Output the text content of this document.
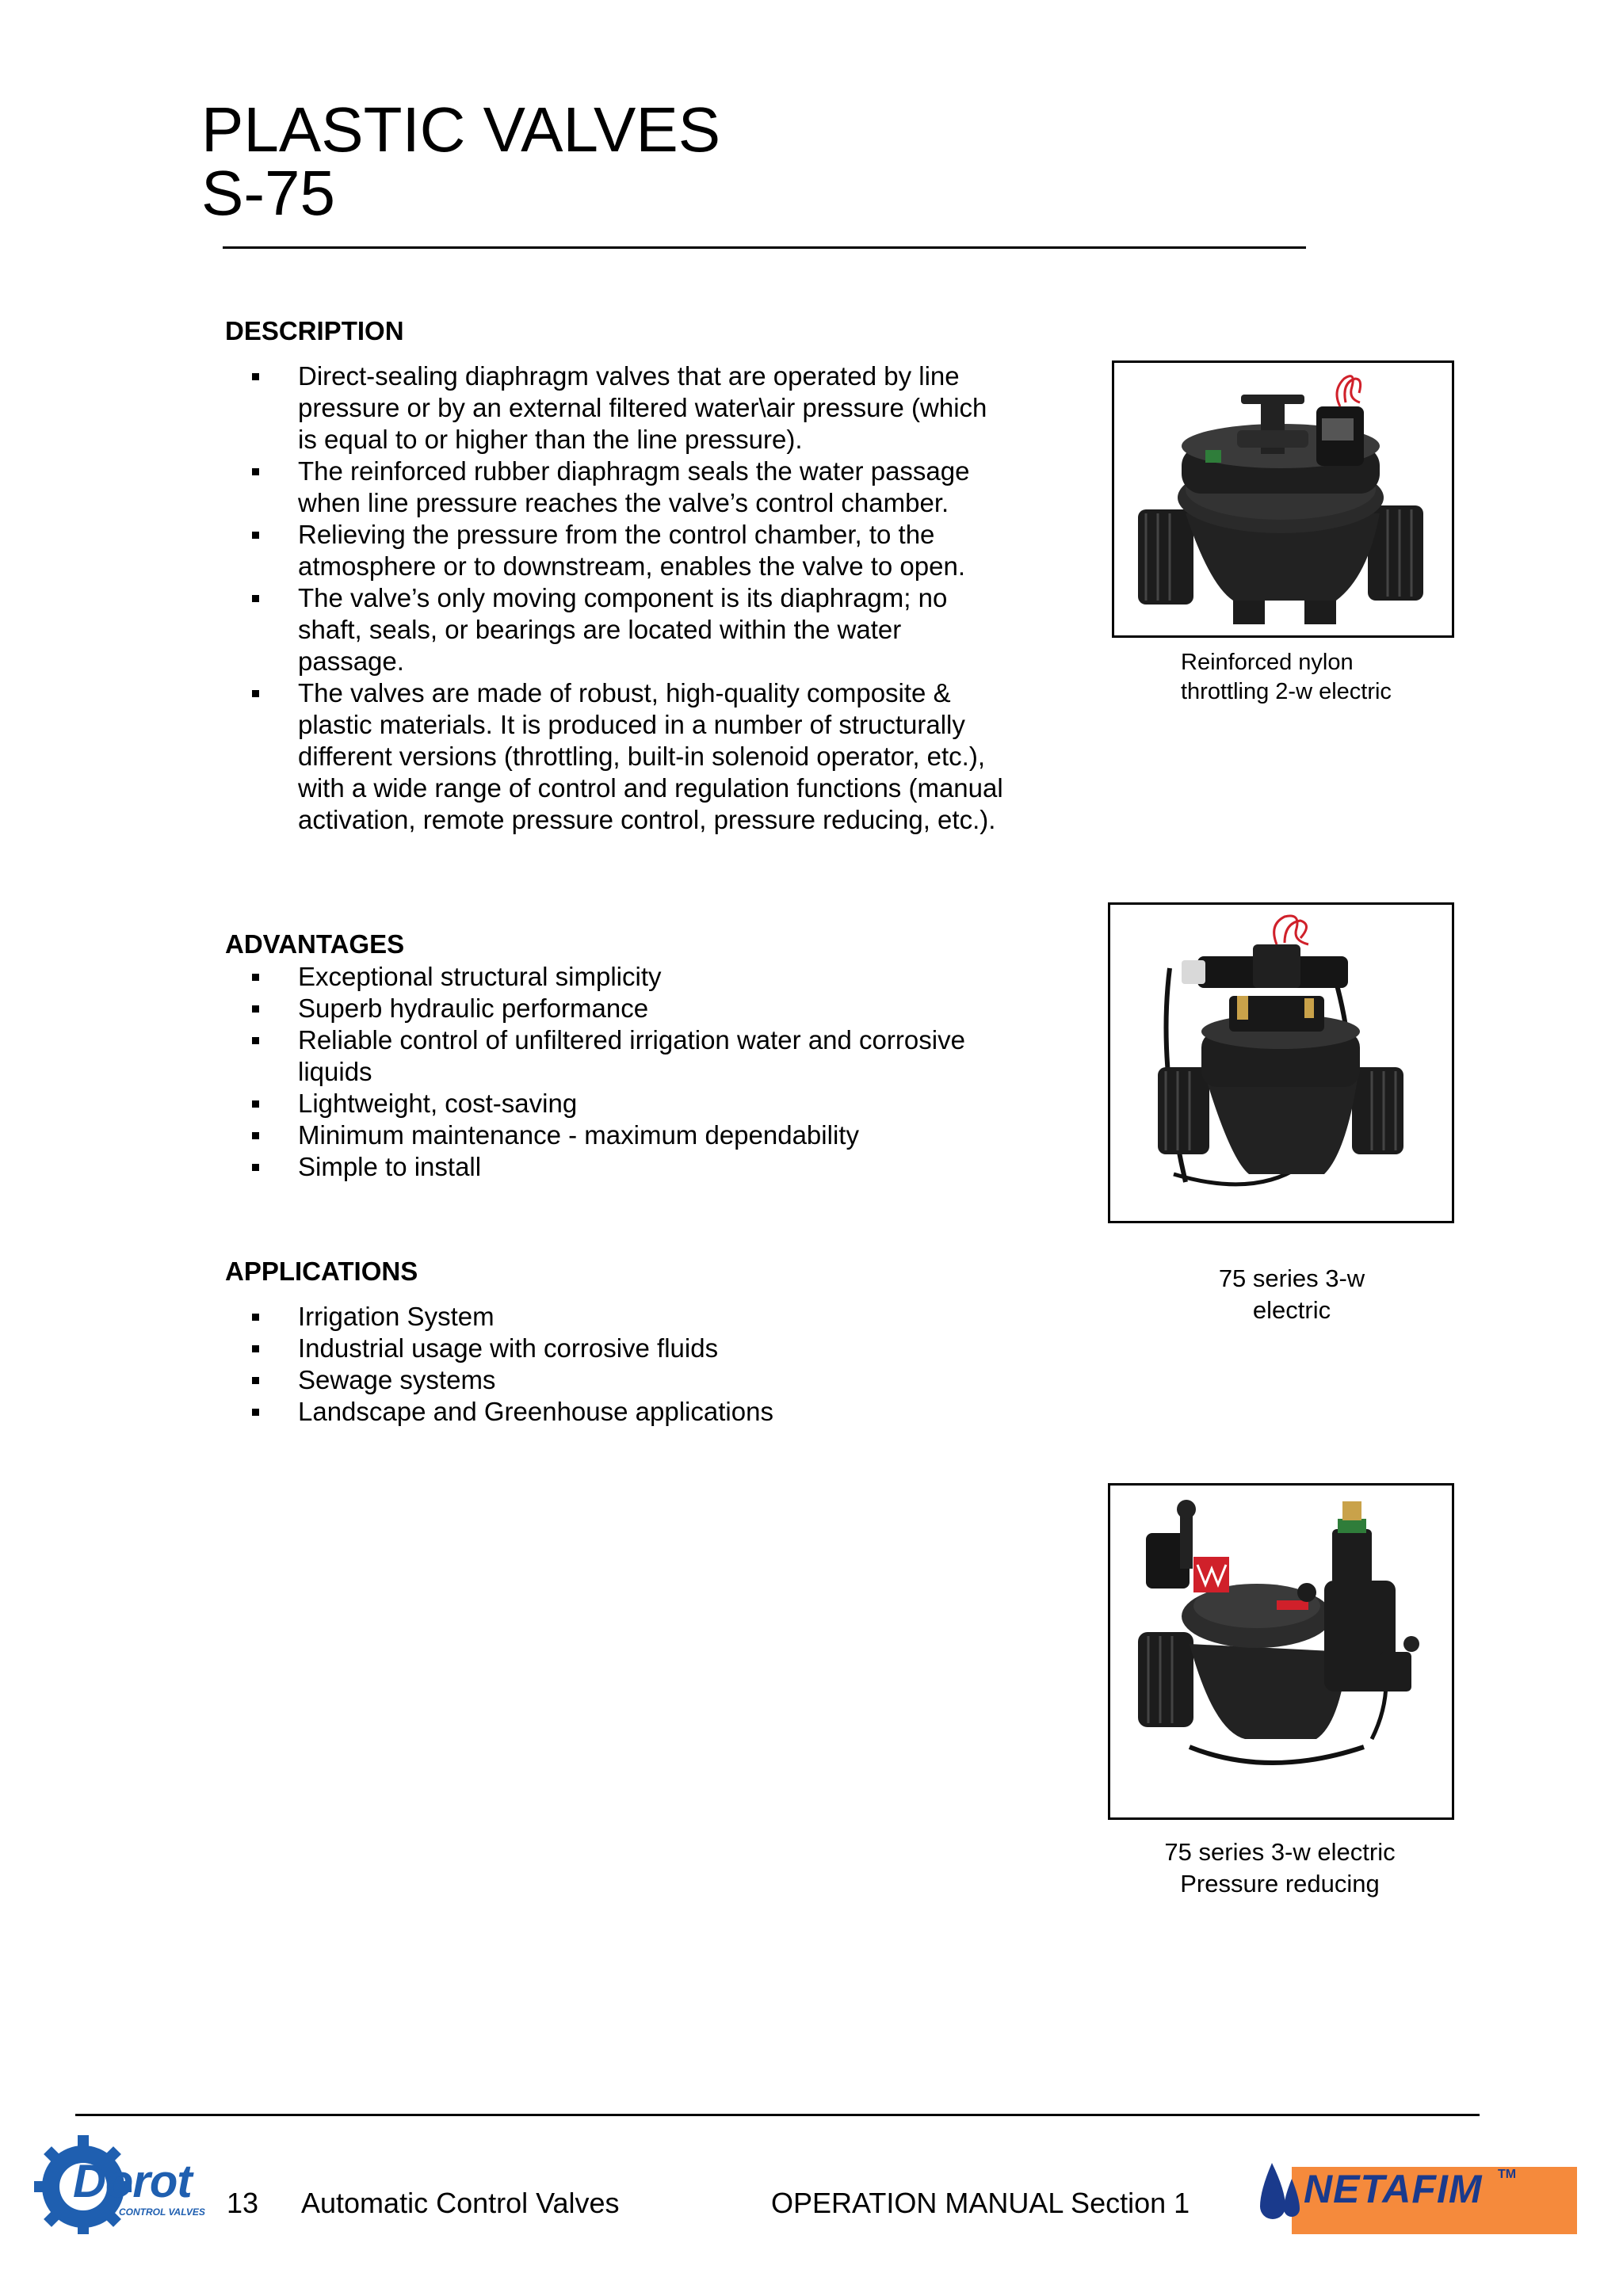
PLASTIC VALVES
S-75
DESCRIPTION
Direct-sealing diaphragm valves that are operated by line pressure or by an external filtered water\air pressure (which is equal to or higher than the line pressure).
The reinforced rubber diaphragm seals the water passage when line pressure reaches the valve’s control chamber.
Relieving the pressure from the control chamber, to the atmosphere or to downstream, enables the valve to open.
The valve’s only moving component is its diaphragm; no shaft, seals, or bearings are located within the water passage.
The valves are made of robust, high-quality composite & plastic materials. It is produced in a number of structurally different versions (throttling, built-in solenoid operator, etc.), with a wide range of control and regulation functions (manual activation, remote pressure control, pressure reducing, etc.).
ADVANTAGES
Exceptional structural simplicity
Superb hydraulic performance
Reliable control of unfiltered irrigation water and corrosive liquids
Lightweight, cost-saving
Minimum maintenance - maximum dependability
Simple to install
APPLICATIONS
Irrigation System
Industrial usage with corrosive fluids
Sewage systems
Landscape and Greenhouse applications
Reinforced nylon
throttling 2-w electric
75 series 3-w
electric
75 series 3-w electric
Pressure reducing
Dorot
CONTROL VALVES 13 Automatic Control Valves	OPERATION MANUAL Section 1	NETAFIM TM
